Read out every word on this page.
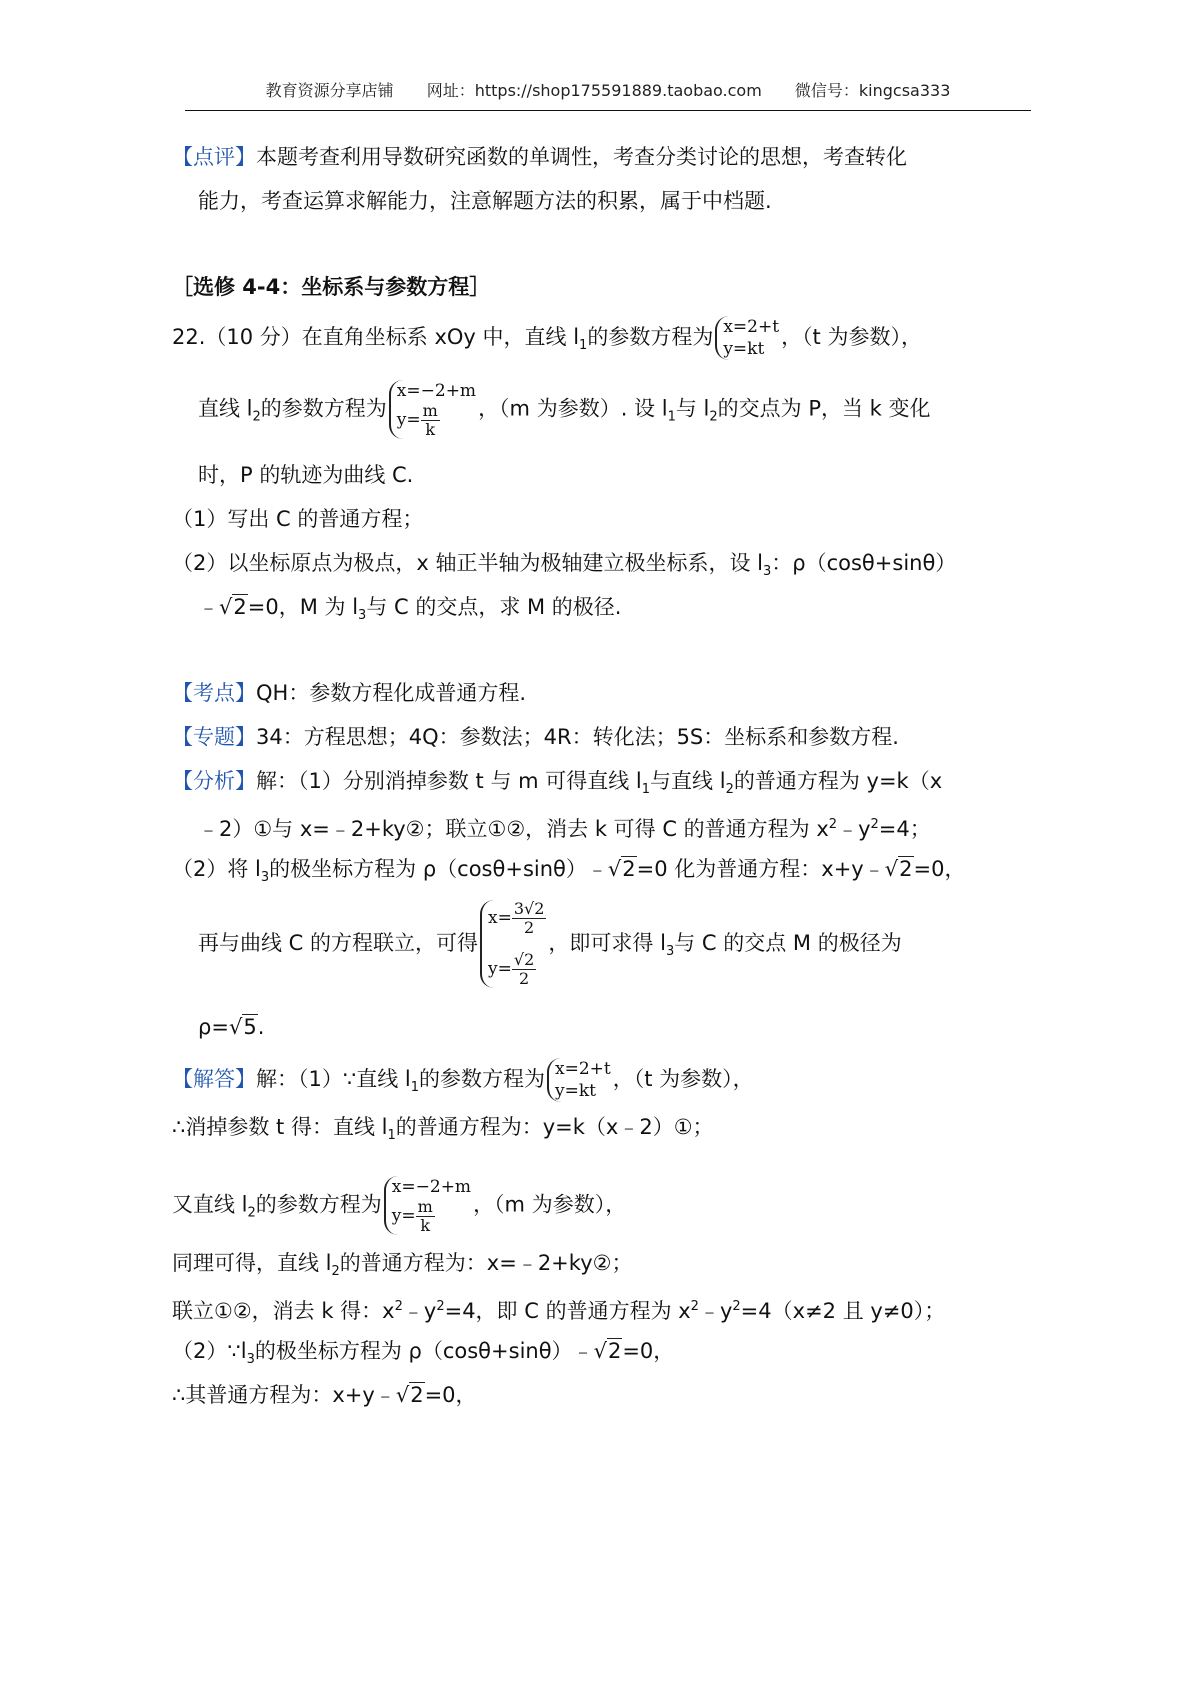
教育资源分享店铺 网址：https://shop175591889.taobao.com 微信号：kingcsa333
【点评】本题考查利用导数研究函数的单调性，考查分类讨论的思想，考查转化
能力，考查运算求解能力，注意解题方法的积累，属于中档题.
［选修 4-4：坐标系与参数方程］
22.（10 分）在直角坐标系 xOy 中，直线 $l_1$的参数方程为 x=2+t
y=kt ，（t 为参数），
直线 $l_2$的参数方程为
x=−2+m
$y= \frac{m}{k}$ ，（m 为参数）. 设 $l_1$与 $l_2$的交点为 P，当 k 变化
时，P 的轨迹为曲线 C.
（1）写出 C 的普通方程；
（2）以坐标原点为极点，x 轴正半轴为极轴建立极坐标系，设 $l_3$：ρ（cosθ+sinθ）
﹣√2=0，M 为 $l_3$与 C 的交点，求 M 的极径.
【考点】QH：参数方程化成普通方程.
【专题】34：方程思想；4Q：参数法；4R：转化法；5S：坐标系和参数方程.
【分析】解：（1）分别消掉参数 t 与 m 可得直线 $l_1$与直线 $l_2$的普通方程为 y=k（x
﹣2）①与 x=﹣2+ky②；联立①②，消去 k 可得 C 的普通方程为 $x^2﹣y^2=4$；
（2）将 $l_3$的极坐标方程为 ρ（cosθ+sinθ）﹣√2=0 化为普通方程：x+y﹣√2=0，
再与曲线 C 的方程联立，可得
$x= \frac{3√2}{2}$
$y= \frac{√2}{2}$
，即可求得 $l_3$与 C 的交点 M 的极径为
ρ=√5.
【解答】解：（1）∵直线 $l_1$的参数方程为 x=2+t
y=kt ，（t 为参数），
∴消掉参数 t 得：直线 $l_1$的普通方程为：y=k（x﹣2）①；
又直线 $l_2$的参数方程为
x=−2+m
$y= \frac{m}{k}$ ，（m 为参数），
同理可得，直线 $l_2$的普通方程为：x=﹣2+ky②；
联立①②，消去 k 得：$x^2﹣y^2=4$，即 C 的普通方程为 $x^2﹣y^2=4(x\ne 2$ 且 y≠0）；
$(2)\because l_3$的极坐标方程为 ρ（cosθ+sinθ）﹣√2=0，
∴其普通方程为：x+y﹣√2=0，
